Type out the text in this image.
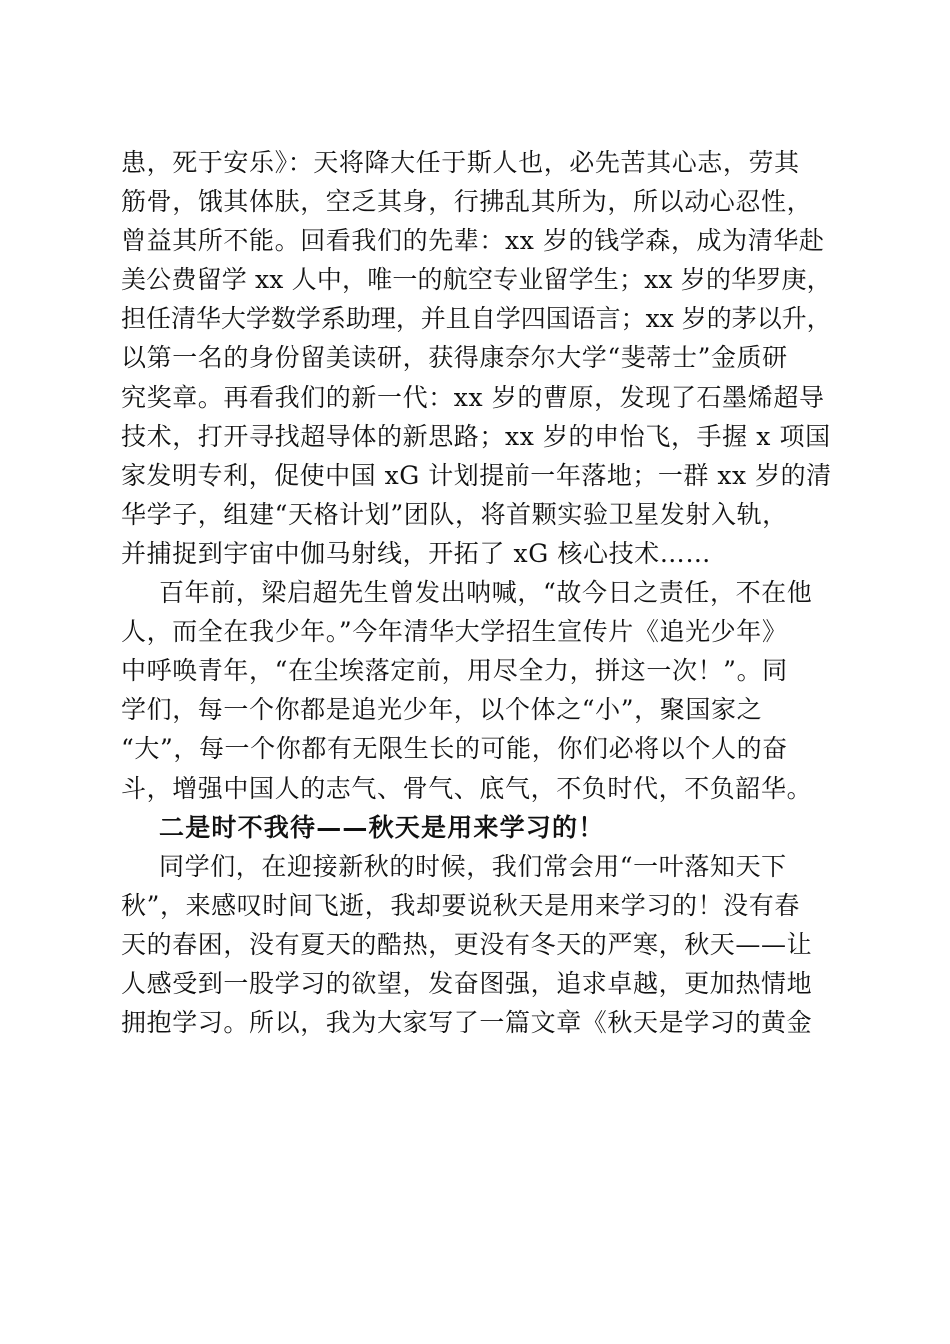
患，死于安乐》：天将降大任于斯人也，必先苦其心志，劳其
筋骨，饿其体肤，空乏其身，行拂乱其所为，所以动心忍性，
曾益其所不能。回看我们的先辈：xx 岁的钱学森，成为清华赴
美公费留学 xx 人中，唯一的航空专业留学生；xx 岁的华罗庚，
担任清华大学数学系助理，并且自学四国语言；xx 岁的茅以升，
以第一名的身份留美读研，获得康奈尔大学“斐蒂士”金质研
究奖章。再看我们的新一代：xx 岁的曹原，发现了石墨烯超导
技术，打开寻找超导体的新思路；xx 岁的申怡飞，手握 x 项国
家发明专利，促使中国 xG 计划提前一年落地；一群 xx 岁的清
华学子，组建“天格计划”团队，将首颗实验卫星发射入轨，
并捕捉到宇宙中伽马射线，开拓了 xG 核心技术……
百年前，梁启超先生曾发出呐喊，“故今日之责任，不在他
人，而全在我少年。”今年清华大学招生宣传片《追光少年》
中呼唤青年，“在尘埃落定前，用尽全力，拼这一次！”。同
学们，每一个你都是追光少年，以个体之“小”，聚国家之
“大”，每一个你都有无限生长的可能，你们必将以个人的奋
斗，增强中国人的志气、骨气、底气，不负时代，不负韶华。
二是时不我待——秋天是用来学习的！
同学们，在迎接新秋的时候，我们常会用“一叶落知天下
秋”，来感叹时间飞逝，我却要说秋天是用来学习的！没有春
天的春困，没有夏天的酷热，更没有冬天的严寒，秋天——让
人感受到一股学习的欲望，发奋图强，追求卓越，更加热情地
拥抱学习。所以，我为大家写了一篇文章《秋天是学习的黄金
